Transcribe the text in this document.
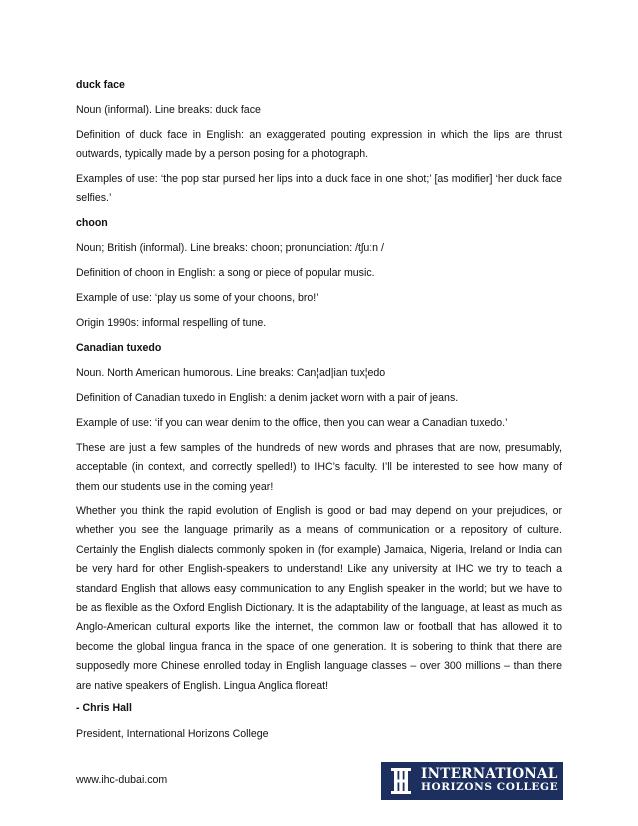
duck face

Noun (informal). Line breaks: duck face

Definition of duck face in English: an exaggerated pouting expression in which the lips are thrust outwards, typically made by a person posing for a photograph.

Examples of use: ‘the pop star pursed her lips into a duck face in one shot;’ [as modifier] ‘her duck face selfies.’

choon

Noun; British (informal). Line breaks: choon; pronunciation: /tʃuːn /

Definition of choon in English: a song or piece of popular music.

Example of use: ‘play us some of your choons, bro!’

Origin 1990s: informal respelling of tune.

Canadian tuxedo

Noun. North American humorous. Line breaks: Can¦ad|ian tux¦edo

Definition of Canadian tuxedo in English: a denim jacket worn with a pair of jeans.

Example of use: ‘if you can wear denim to the office, then you can wear a Canadian tuxedo.’

These are just a few samples of the hundreds of new words and phrases that are now, presumably, acceptable (in context, and correctly spelled!) to IHC’s faculty. I’ll be interested to see how many of them our students use in the coming year!

Whether you think the rapid evolution of English is good or bad may depend on your prejudices, or whether you see the language primarily as a means of communication or a repository of culture. Certainly the English dialects commonly spoken in (for example) Jamaica, Nigeria, Ireland or India can be very hard for other English-speakers to understand! Like any university at IHC we try to teach a standard English that allows easy communication to any English speaker in the world; but we have to be as flexible as the Oxford English Dictionary. It is the adaptability of the language, at least as much as Anglo-American cultural exports like the internet, the common law or football that has allowed it to become the global lingua franca in the space of one generation. It is sobering to think that there are supposedly more Chinese enrolled today in English language classes – over 300 millions – than there are native speakers of English. Lingua Anglica floreat!

- Chris Hall

President, International Horizons College

www.ihc-dubai.com	INTERNATIONAL
HORIZONS COLLEGE
